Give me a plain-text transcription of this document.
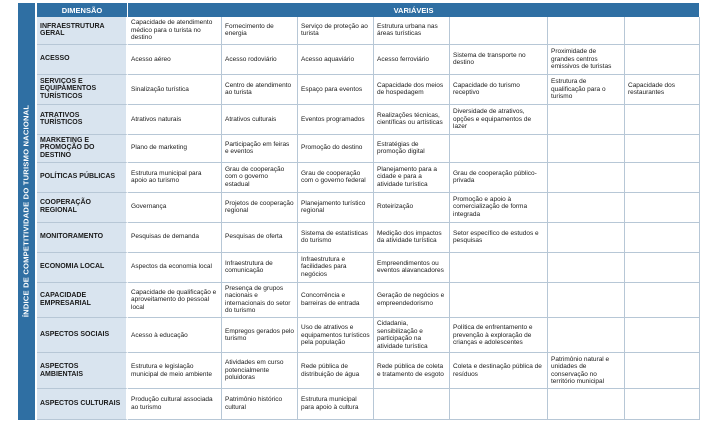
ÍNDICE DE COMPETITIVIDADE DO TURISMO NACIONAL
DIMENSÃO	VARIÁVEIS						
INFRAESTRUTURA GERAL	Capacidade de atendimento médico para o turista no destino	Fornecimento de energia	Serviço de proteção ao turista	Estrutura urbana nas áreas turísticas			
ACESSO	Acesso aéreo	Acesso rodoviário	Acesso aquaviário	Acesso ferroviário	Sistema de transporte no destino	Proximidade de grandes centros emissivos de turistas	
SERVIÇOS E EQUIPAMENTOS TURÍSTICOS	Sinalização turística	Centro de atendimento ao turista	Espaço para eventos	Capacidade dos meios de hospedagem	Capacidade do turismo receptivo	Estrutura de qualificação para o turismo	Capacidade dos restaurantes
ATRATIVOS TURÍSTICOS	Atrativos naturais	Atrativos culturais	Eventos programados	Realizações técnicas, científicas ou artísticas	Diversidade de atrativos, opções e equipamentos de lazer		
MARKETING E PROMOÇÃO DO DESTINO	Plano de marketing	Participação em feiras e eventos	Promoção do destino	Estratégias de promoção digital			
POLÍTICAS PÚBLICAS	Estrutura municipal para apoio ao turismo	Grau de cooperação com o governo estadual	Grau de cooperação com o governo federal	Planejamento para a cidade e para a atividade turística	Grau de cooperação público-privada		
COOPERAÇÃO REGIONAL	Governança	Projetos de cooperação regional	Planejamento turístico regional	Roteirização	Promoção e apoio à comercialização de forma integrada		
MONITORAMENTO	Pesquisas de demanda	Pesquisas de oferta	Sistema de estatísticas do turismo	Medição dos impactos da atividade turística	Setor específico de estudos e pesquisas		
ECONOMIA LOCAL	Aspectos da economia local	Infraestrutura de comunicação	Infraestrutura e facilidades para negócios	Empreendimentos ou eventos alavancadores			
CAPACIDADE EMPRESARIAL	Capacidade de qualificação e aproveitamento do pessoal local	Presença de grupos nacionais e internacionais do setor do turismo	Concorrência e barreiras de entrada	Geração de negócios e empreendedorismo			
ASPECTOS SOCIAIS	Acesso à educação	Empregos gerados pelo turismo	Uso de atrativos e equipamentos turísticos pela população	Cidadania, sensibilização e participação na atividade turística	Política de enfrentamento e prevenção à exploração de crianças e adolescentes		
ASPECTOS AMBIENTAIS	Estrutura e legislação municipal de meio ambiente	Atividades em curso potencialmente poluidoras	Rede pública de distribuição de água	Rede pública de coleta e tratamento de esgoto	Coleta e destinação pública de resíduos	Patrimônio natural e unidades de conservação no território municipal	
ASPECTOS CULTURAIS	Produção cultural associada ao turismo	Patrimônio histórico cultural	Estrutura municipal para apoio à cultura				
